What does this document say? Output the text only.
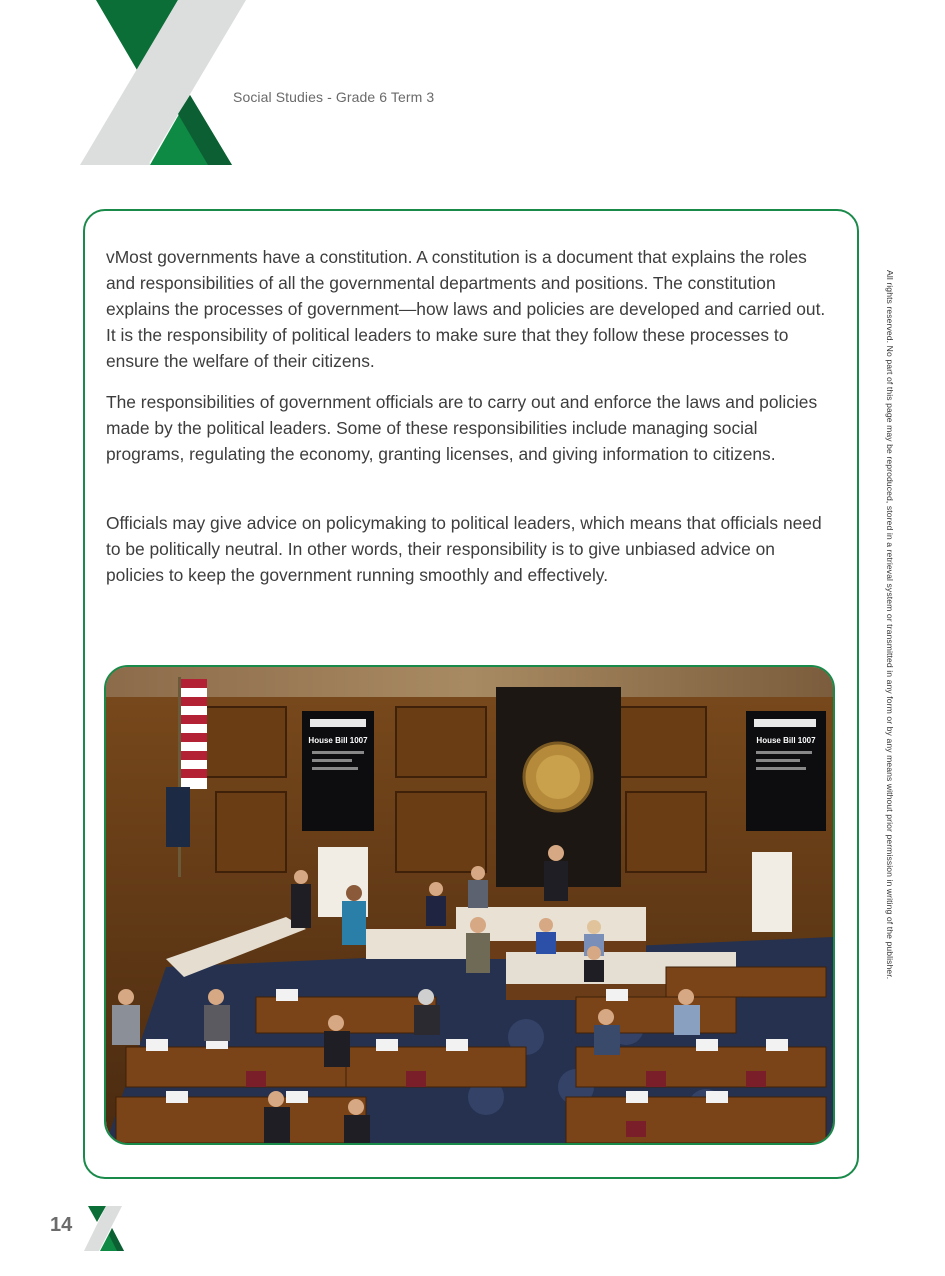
Social Studies - Grade 6 Term 3

vMost governments have a constitution. A constitution is a document that explains the roles and responsibilities of all the governmental departments and positions. The constitution explains the processes of government—how laws and policies are developed and carried out. It is the responsibility of political leaders to make sure that they follow these processes to ensure the welfare of their citizens.

The responsibilities of government officials are to carry out and enforce the laws and policies made by the political leaders. Some of these responsibilities include managing social programs, regulating the economy, granting licenses, and giving information to citizens.

Officials may give advice on policymaking to political leaders, which means that officials need to be politically neutral. In other words, their responsibility is to give unbiased advice on policies to keep the government running smoothly and effectively.

House Bill 1007	House Bill 1007	All rights reserved. No part of this page may be reproduced, stored in a retrieval system or transmitted in any form or by any means without prior permission in writing of the publisher.
14
